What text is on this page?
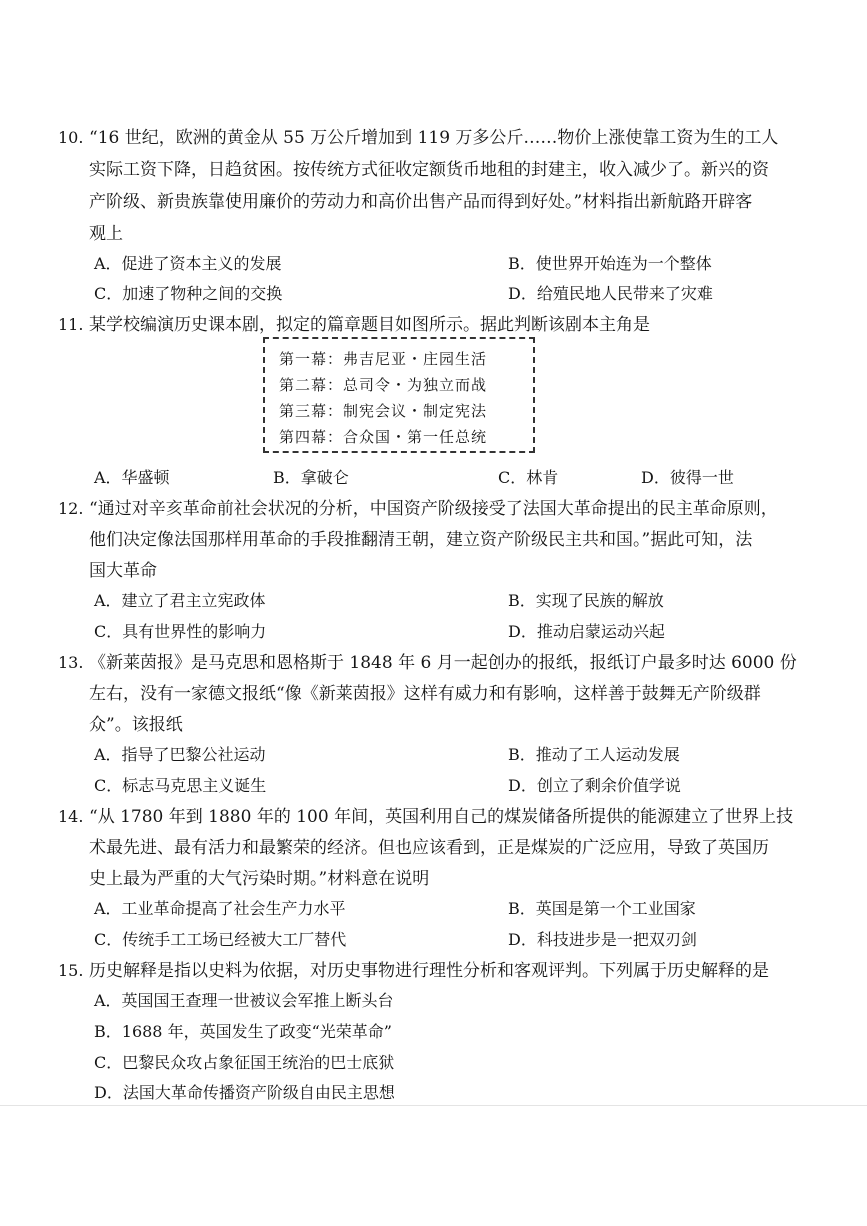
10. “16 世纪，欧洲的黄金从 55 万公斤增加到 119 万多公斤……物价上涨使靠工资为生的工人
实际工资下降，日趋贫困。按传统方式征收定额货币地租的封建主，收入减少了。新兴的资
产阶级、新贵族靠使用廉价的劳动力和高价出售产品而得到好处。”材料指出新航路开辟客
观上
A．促进了资本主义的发展	B．使世界开始连为一个整体
C．加速了物种之间的交换	D．给殖民地人民带来了灾难
11. 某学校编演历史课本剧，拟定的篇章题目如图所示。据此判断该剧本主角是
第一幕：弗吉尼亚・庄园生活
第二幕：总司令・为独立而战
第三幕：制宪会议・制定宪法
第四幕：合众国・第一任总统
A．华盛顿	B．拿破仑	C．林肯	D．彼得一世
12. “通过对辛亥革命前社会状况的分析，中国资产阶级接受了法国大革命提出的民主革命原则，
他们决定像法国那样用革命的手段推翻清王朝，建立资产阶级民主共和国。”据此可知，法
国大革命
A．建立了君主立宪政体	B．实现了民族的解放
C．具有世界性的影响力	D．推动启蒙运动兴起
13. 《新莱茵报》是马克思和恩格斯于 1848 年 6 月一起创办的报纸，报纸订户最多时达 6000 份
左右，没有一家德文报纸“像《新莱茵报》这样有威力和有影响，这样善于鼓舞无产阶级群
众”。该报纸
A．指导了巴黎公社运动	B．推动了工人运动发展
C．标志马克思主义诞生	D．创立了剩余价值学说
14. “从 1780 年到 1880 年的 100 年间，英国利用自己的煤炭储备所提供的能源建立了世界上技
术最先进、最有活力和最繁荣的经济。但也应该看到，正是煤炭的广泛应用，导致了英国历
史上最为严重的大气污染时期。”材料意在说明
A．工业革命提高了社会生产力水平	B．英国是第一个工业国家
C．传统手工工场已经被大工厂替代	D．科技进步是一把双刃剑
15. 历史解释是指以史料为依据，对历史事物进行理性分析和客观评判。下列属于历史解释的是
A．英国国王查理一世被议会军推上断头台
B．1688 年，英国发生了政变“光荣革命”
C．巴黎民众攻占象征国王统治的巴士底狱
D．法国大革命传播资产阶级自由民主思想
